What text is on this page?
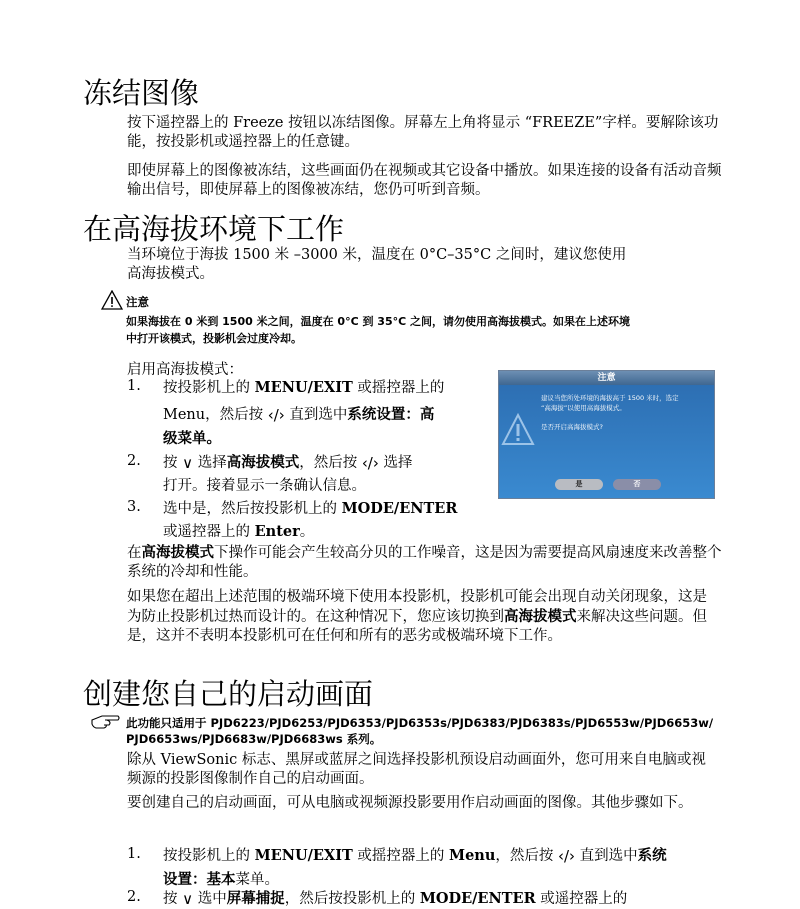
冻结图像

按下遥控器上的 Freeze 按钮以冻结图像。屏幕左上角将显示 “FREEZE”字样。要解除该功能，按投影机或遥控器上的任意键。

即使屏幕上的图像被冻结，这些画面仍在视频或其它设备中播放。如果连接的设备有活动音频输出信号，即使屏幕上的图像被冻结，您仍可听到音频。

在高海拔环境下工作
当环境位于海拔 1500 米 –3000 米，温度在 0°C–35°C 之间时，建议您使用
高海拔模式。
注意

如果海拔在 0 米到 1500 米之间，温度在 0°C 到 35°C 之间，请勿使用高海拔模式。如果在上述环境

中打开该模式，投影机会过度冷却。

启用高海拔模式：
1. 按投影机上的 MENU/EXIT 或摇控器上的
Menu，然后按 ‹/› 直到选中系统设置：高
级菜单。
2. 按 ∨ 选择高海拔模式，然后按 ‹/› 选择
打开。接着显示一条确认信息。
3. 选中是，然后按投影机上的 MODE/ENTER
或遥控器上的 Enter。
注意
建议当您所处环境的海拔高于 1500 米时，选定
“高海拔”以使用高海拔模式。
是否开启高海拔模式?
是	否

在高海拔模式下操作可能会产生较高分贝的工作噪音，这是因为需要提高风扇速度来改善整个系统的冷却和性能。

如果您在超出上述范围的极端环境下使用本投影机，投影机可能会出现自动关闭现象，这是为防止投影机过热而设计的。在这种情况下，您应该切换到高海拔模式来解决这些问题。但是，这并不表明本投影机可在任何和所有的恶劣或极端环境下工作。

创建您自己的启动画面

此功能只适用于 PJD6223/PJD6253/PJD6353/PJD6353s/PJD6383/PJD6383s/PJD6553w/PJD6653w/

PJD6653ws/PJD6683w/PJD6683ws 系列。

除从 ViewSonic 标志、黑屏或蓝屏之间选择投影机预设启动画面外，您可用来自电脑或视频源的投影图像制作自己的启动画面。

要创建自己的启动画面，可从电脑或视频源投影要用作启动画面的图像。其他步骤如下。

1. 按投影机上的 MENU/EXIT 或摇控器上的 Menu，然后按 ‹/› 直到选中系统
设置：基本菜单。
2. 按 ∨ 选中屏幕捕捉，然后按投影机上的 MODE/ENTER 或遥控器上的
